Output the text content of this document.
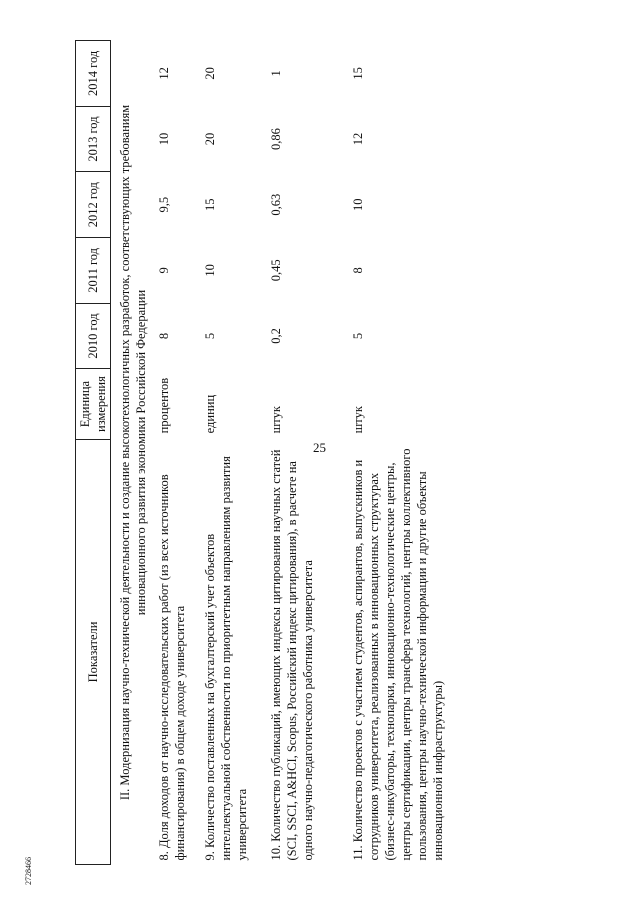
25
2728466
Показатели	Единица измерения	2010 год	2011 год	2012 год	2013 год	2014 год
II. Модернизация научно-технической деятельности и создание высокотехнологичных разработок, соответствующих требованиям инновационного развития экономики Российской Федерации						
8. Доля доходов от научно-исследовательских работ (из всех источников финансирования) в общем доходе университета	процентов	8	9	9,5	10	12
9. Количество поставленных на бухгалтерский учет объектов интеллектуальной собственности по приоритетным направлениям развития университета	единиц	5	10	15	20	20
10. Количество публикаций, имеющих индексы цитирования научных статей (SCI, SSCI, A&HCI, Scopus, Российский индекс цитирования), в расчете на одного научно-педагогического работника университета	штук	0,2	0,45	0,63	0,86	1
11. Количество проектов с участием студентов, аспирантов, выпускников и сотрудников университета, реализованных в инновационных структурах (бизнес-инкубаторы, технопарки, инновационно-технологические центры, центры сертификации, центры трансфера технологий, центры коллективного пользования, центры научно-технической информации и другие объекты инновационной инфраструктуры)	штук	5	8	10	12	15
